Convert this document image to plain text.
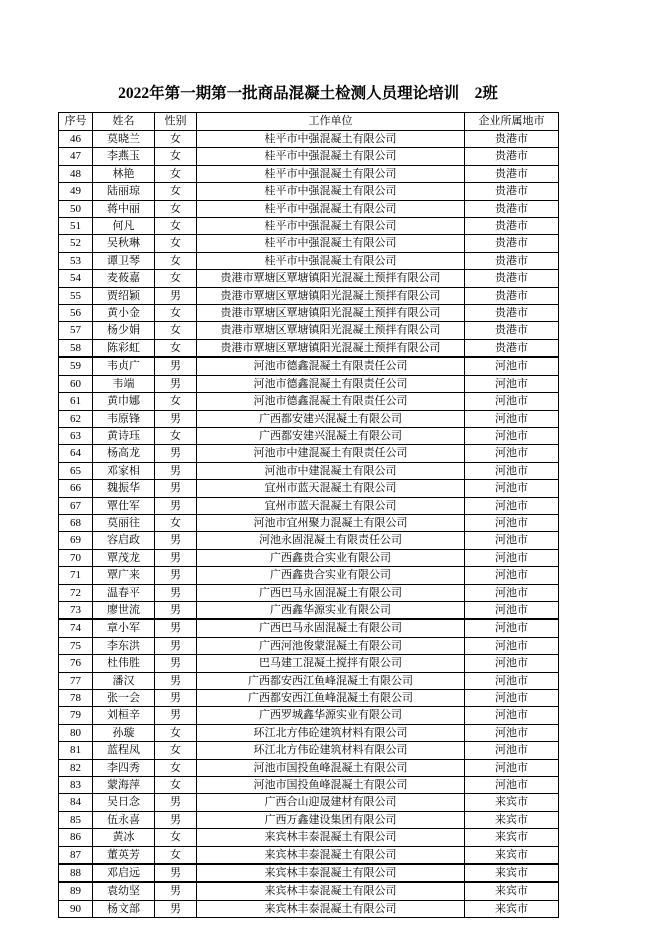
2022年第一期第一批商品混凝土检测人员理论培训　2班
序号	姓名	性别	工作单位	企业所属地市
46	莫晓兰	女	桂平市中强混凝土有限公司	贵港市
47	李燕玉	女	桂平市中强混凝土有限公司	贵港市
48	林艳	女	桂平市中强混凝土有限公司	贵港市
49	陆丽琼	女	桂平市中强混凝土有限公司	贵港市
50	蒋中丽	女	桂平市中强混凝土有限公司	贵港市
51	何凡	女	桂平市中强混凝土有限公司	贵港市
52	吴秋琳	女	桂平市中强混凝土有限公司	贵港市
53	谭卫琴	女	桂平市中强混凝土有限公司	贵港市
54	麦莜嘉	女	贵港市覃塘区覃塘镇阳光混凝土预拌有限公司	贵港市
55	贾绍颖	男	贵港市覃塘区覃塘镇阳光混凝土预拌有限公司	贵港市
56	黄小金	女	贵港市覃塘区覃塘镇阳光混凝土预拌有限公司	贵港市
57	杨少娟	女	贵港市覃塘区覃塘镇阳光混凝土预拌有限公司	贵港市
58	陈彩虹	女	贵港市覃塘区覃塘镇阳光混凝土预拌有限公司	贵港市
59	韦贞广	男	河池市德鑫混凝土有限责任公司	河池市
60	韦端	男	河池市德鑫混凝土有限责任公司	河池市
61	黄巾娜	女	河池市德鑫混凝土有限责任公司	河池市
62	韦原锋	男	广西都安建兴混凝土有限公司	河池市
63	黄诗珏	女	广西都安建兴混凝土有限公司	河池市
64	杨高龙	男	河池市中建混凝土有限责任公司	河池市
65	邓家相	男	河池市中建混凝土有限公司	河池市
66	魏振华	男	宜州市蓝天混凝土有限公司	河池市
67	覃仕军	男	宜州市蓝天混凝土有限公司	河池市
68	莫丽往	女	河池市宜州聚力混凝土有限公司	河池市
69	容启政	男	河池永固混凝土有限责任公司	河池市
70	覃茂龙	男	广西鑫贵合实业有限公司	河池市
71	覃广来	男	广西鑫贵合实业有限公司	河池市
72	温春平	男	广西巴马永固混凝土有限公司	河池市
73	廖世流	男	广西鑫华源实业有限公司	河池市
74	章小军	男	广西巴马永固混凝土有限公司	河池市
75	李东洪	男	广西河池俊蒙混凝土有限公司	河池市
76	杜伟胜	男	巴马建工混凝土搅拌有限公司	河池市
77	潘汉	男	广西都安西江鱼峰混凝土有限公司	河池市
78	张一会	男	广西都安西江鱼峰混凝土有限公司	河池市
79	刘桓辛	男	广西罗城鑫华源实业有限公司	河池市
80	孙璇	女	环江北方伟砼建筑材料有限公司	河池市
81	蓝程凤	女	环江北方伟砼建筑材料有限公司	河池市
82	李四秀	女	河池市国投鱼峰混凝土有限公司	河池市
83	蒙海萍	女	河池市国投鱼峰混凝土有限公司	河池市
84	吴日念	男	广西合山迎晟建材有限公司	来宾市
85	伍永喜	男	广西万鑫建设集团有限公司	来宾市
86	黄冰	女	来宾林丰泰混凝土有限公司	来宾市
87	董英芳	女	来宾林丰泰混凝土有限公司	来宾市
88	邓启远	男	来宾林丰泰混凝土有限公司	来宾市
89	袁幼坚	男	来宾林丰泰混凝土有限公司	来宾市
90	杨文部	男	来宾林丰泰混凝土有限公司	来宾市
